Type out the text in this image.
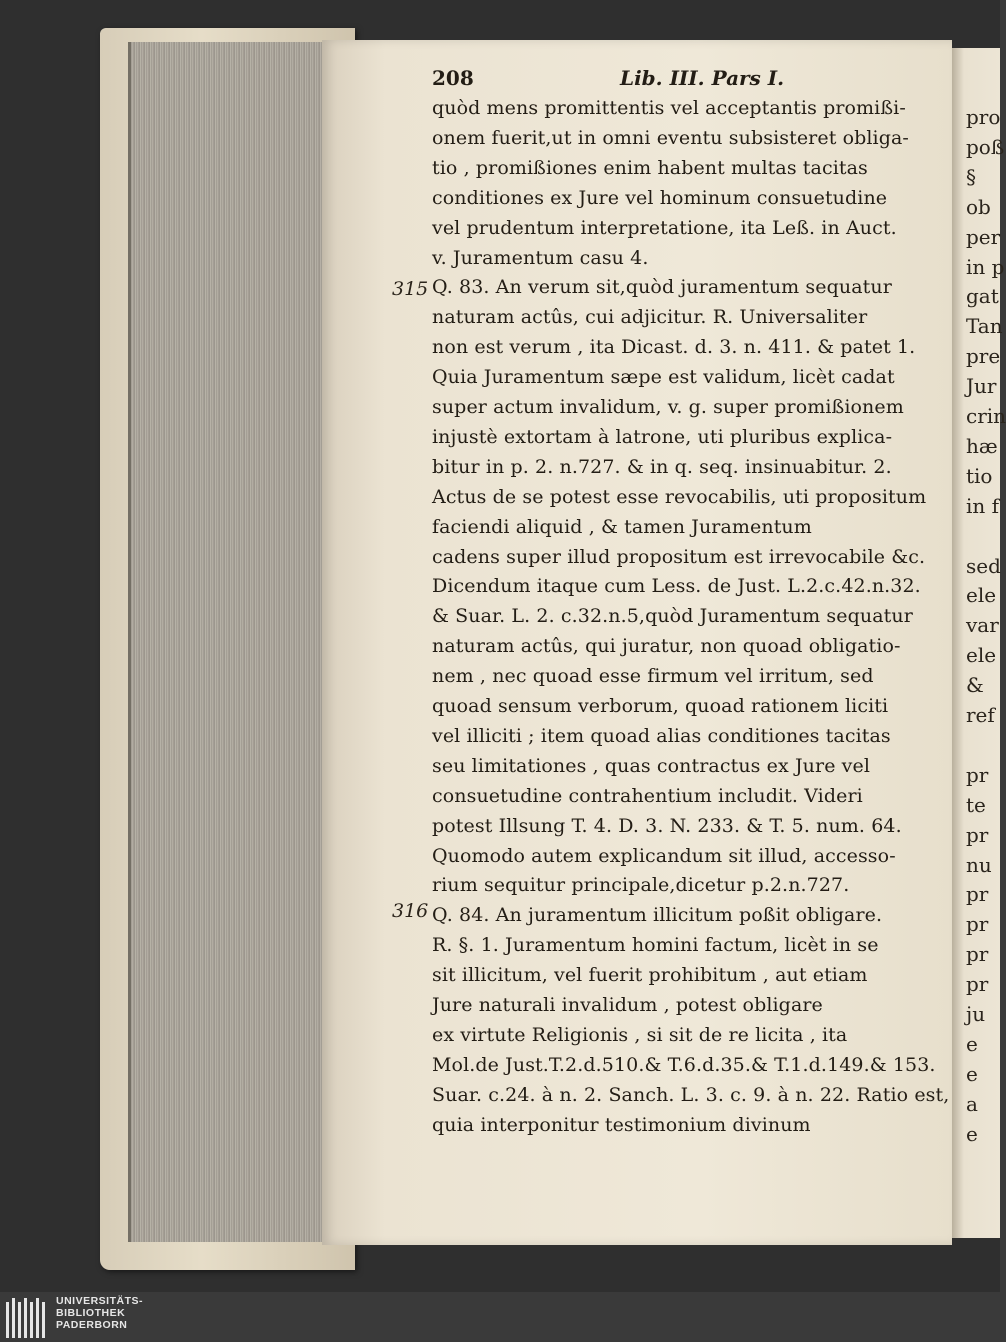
pro
poß
§
ob
per
in p
gat
Tan
pre
Jur
crin
hæ
tio
in f
sed
ele
var
ele
&
ref
pr
te
pr
nu
pr
pr
pr
pr
ju
e
e
a
e
208	Lib. III. Pars I.
315
316
quòd mens promittentis vel acceptantis promißi-
onem fuerit,ut in omni eventu subsisteret obliga-
tio , promißiones enim habent multas tacitas
conditiones ex Jure vel hominum consuetudine
vel prudentum interpretatione, ita Leß. in Auct.
v. Juramentum casu 4.
Q. 83. An verum sit,quòd juramentum sequatur
naturam actûs, cui adjicitur. R. Universaliter
non est verum , ita Dicast. d. 3. n. 411. & patet 1.
Quia Juramentum sæpe est validum, licèt cadat
super actum invalidum, v. g. super promißionem
injustè extortam à latrone, uti pluribus explica-
bitur in p. 2. n.727. & in q. seq. insinuabitur. 2.
Actus de se potest esse revocabilis, uti propositum
faciendi aliquid , & tamen Juramentum
cadens super illud propositum est irrevocabile &c.
Dicendum itaque cum Less. de Just. L.2.c.42.n.32.
& Suar. L. 2. c.32.n.5,quòd Juramentum sequatur
naturam actûs, qui juratur, non quoad obligatio-
nem , nec quoad esse firmum vel irritum, sed
quoad sensum verborum, quoad rationem liciti
vel illiciti ; item quoad alias conditiones tacitas
seu limitationes , quas contractus ex Jure vel
consuetudine contrahentium includit. Videri
potest Illsung T. 4. D. 3. N. 233. & T. 5. num. 64.
Quomodo autem explicandum sit illud, accesso-
rium sequitur principale,dicetur p.2.n.727.
Q. 84. An juramentum illicitum poßit obligare.
R. §. 1. Juramentum homini factum, licèt in se
sit illicitum, vel fuerit prohibitum , aut etiam
Jure naturali invalidum , potest obligare
ex virtute Religionis , si sit de re licita , ita
Mol.de Just.T.2.d.510.& T.6.d.35.& T.1.d.149.& 153.
Suar. c.24. à n. 2. Sanch. L. 3. c. 9. à n. 22. Ratio est,
quia interponitur testimonium divinum
UNIVERSITÄTS-
BIBLIOTHEK
PADERBORN
